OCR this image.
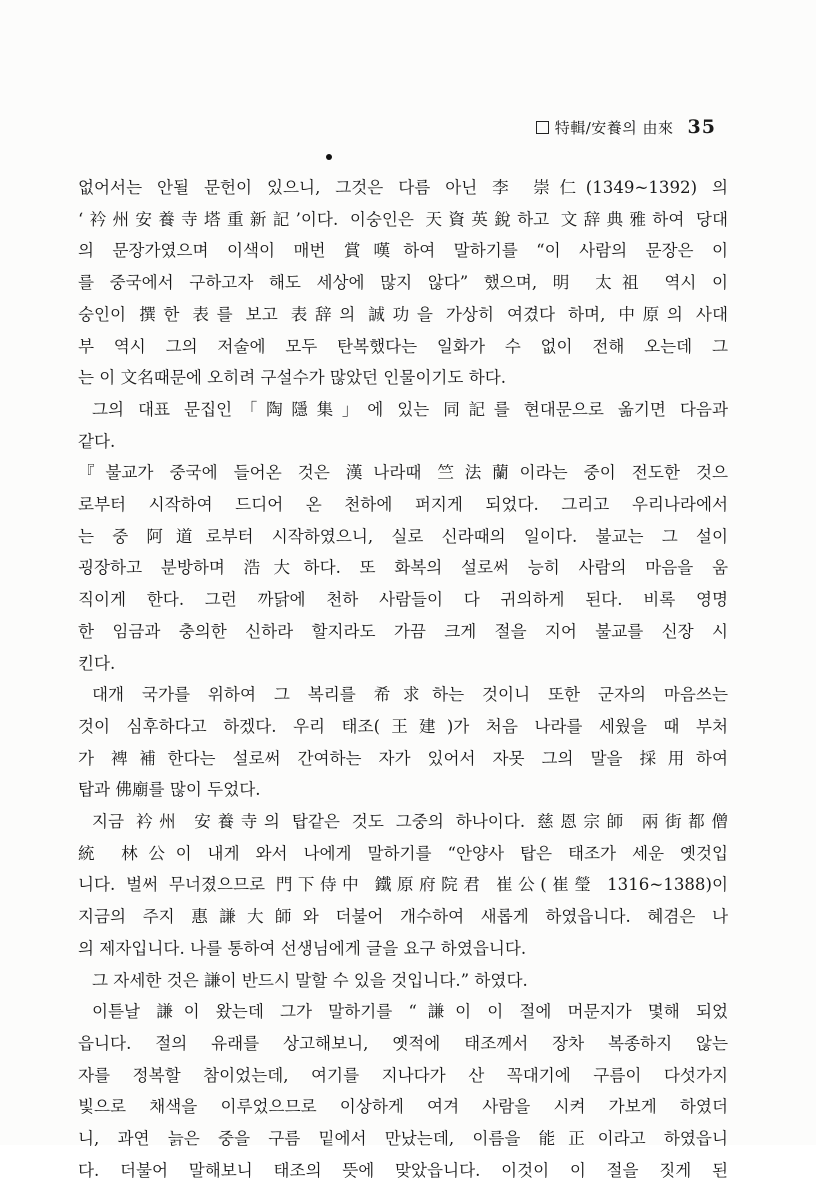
特輯/安養의 由來 35
없어서는 안될 문헌이 있으니, 그것은 다름 아닌 李 崇仁(1349~1392) 의
‘衿州安養寺塔重新記’이다. 이숭인은 天資英銳하고 文辞典雅하여 당대
의 문장가였으며 이색이 매번 賞嘆하여 말하기를 “이 사람의 문장은 이
를 중국에서 구하고자 해도 세상에 많지 않다” 했으며, 明 太祖 역시 이
숭인이 撰한 表를 보고 表辞의 誠功을 가상히 여겼다 하며, 中原의 사대
부 역시 그의 저술에 모두 탄복했다는 일화가 수 없이 전해 오는데 그
는 이 文名때문에 오히려 구설수가 많았던 인물이기도 하다.
그의 대표 문집인「陶隱集」에 있는 同記를 현대문으로 옮기면 다음과
같다.
『불교가 중국에 들어온 것은 漢나라때 竺法蘭이라는 중이 전도한 것으
로부터 시작하여 드디어 온 천하에 퍼지게 되었다. 그리고 우리나라에서
는 중 阿道로부터 시작하였으니, 실로 신라때의 일이다. 불교는 그 설이
굉장하고 분방하며 浩大하다. 또 화복의 설로써 능히 사람의 마음을 움
직이게 한다. 그런 까닭에 천하 사람들이 다 귀의하게 된다. 비록 영명
한 임금과 충의한 신하라 할지라도 가끔 크게 절을 지어 불교를 신장 시
킨다.
대개 국가를 위하여 그 복리를 希求하는 것이니 또한 군자의 마음쓰는
것이 심후하다고 하겠다. 우리 태조(王建)가 처음 나라를 세웠을 때 부처
가 裨補한다는 설로써 간여하는 자가 있어서 자못 그의 말을 採用하여
탑과 佛廟를 많이 두었다.
지금 衿州 安養寺의 탑같은 것도 그중의 하나이다. 慈恩宗師 兩街都僧
統 林公이 내게 와서 나에게 말하기를 “안양사 탑은 태조가 세운 옛것입
니다. 벌써 무너졌으므로 門下侍中 鐵原府院君 崔公(崔瑩 1316~1388)이
지금의 주지 惠謙大師와 더불어 개수하여 새롭게 하였읍니다. 혜겸은 나
의 제자입니다. 나를 통하여 선생님에게 글을 요구 하였읍니다.
그 자세한 것은 謙이 반드시 말할 수 있을 것입니다.” 하였다.
이튿날 謙이 왔는데 그가 말하기를 “謙이 이 절에 머문지가 몇해 되었
읍니다. 절의 유래를 상고해보니, 옛적에 태조께서 장차 복종하지 않는
자를 정복할 참이었는데, 여기를 지나다가 산 꼭대기에 구름이 다섯가지
빛으로 채색을 이루었으므로 이상하게 여겨 사람을 시켜 가보게 하였더
니, 과연 늙은 중을 구름 밑에서 만났는데, 이름을 能正이라고 하였읍니
다. 더불어 말해보니 태조의 뜻에 맞았읍니다. 이것이 이 절을 짓게 된
